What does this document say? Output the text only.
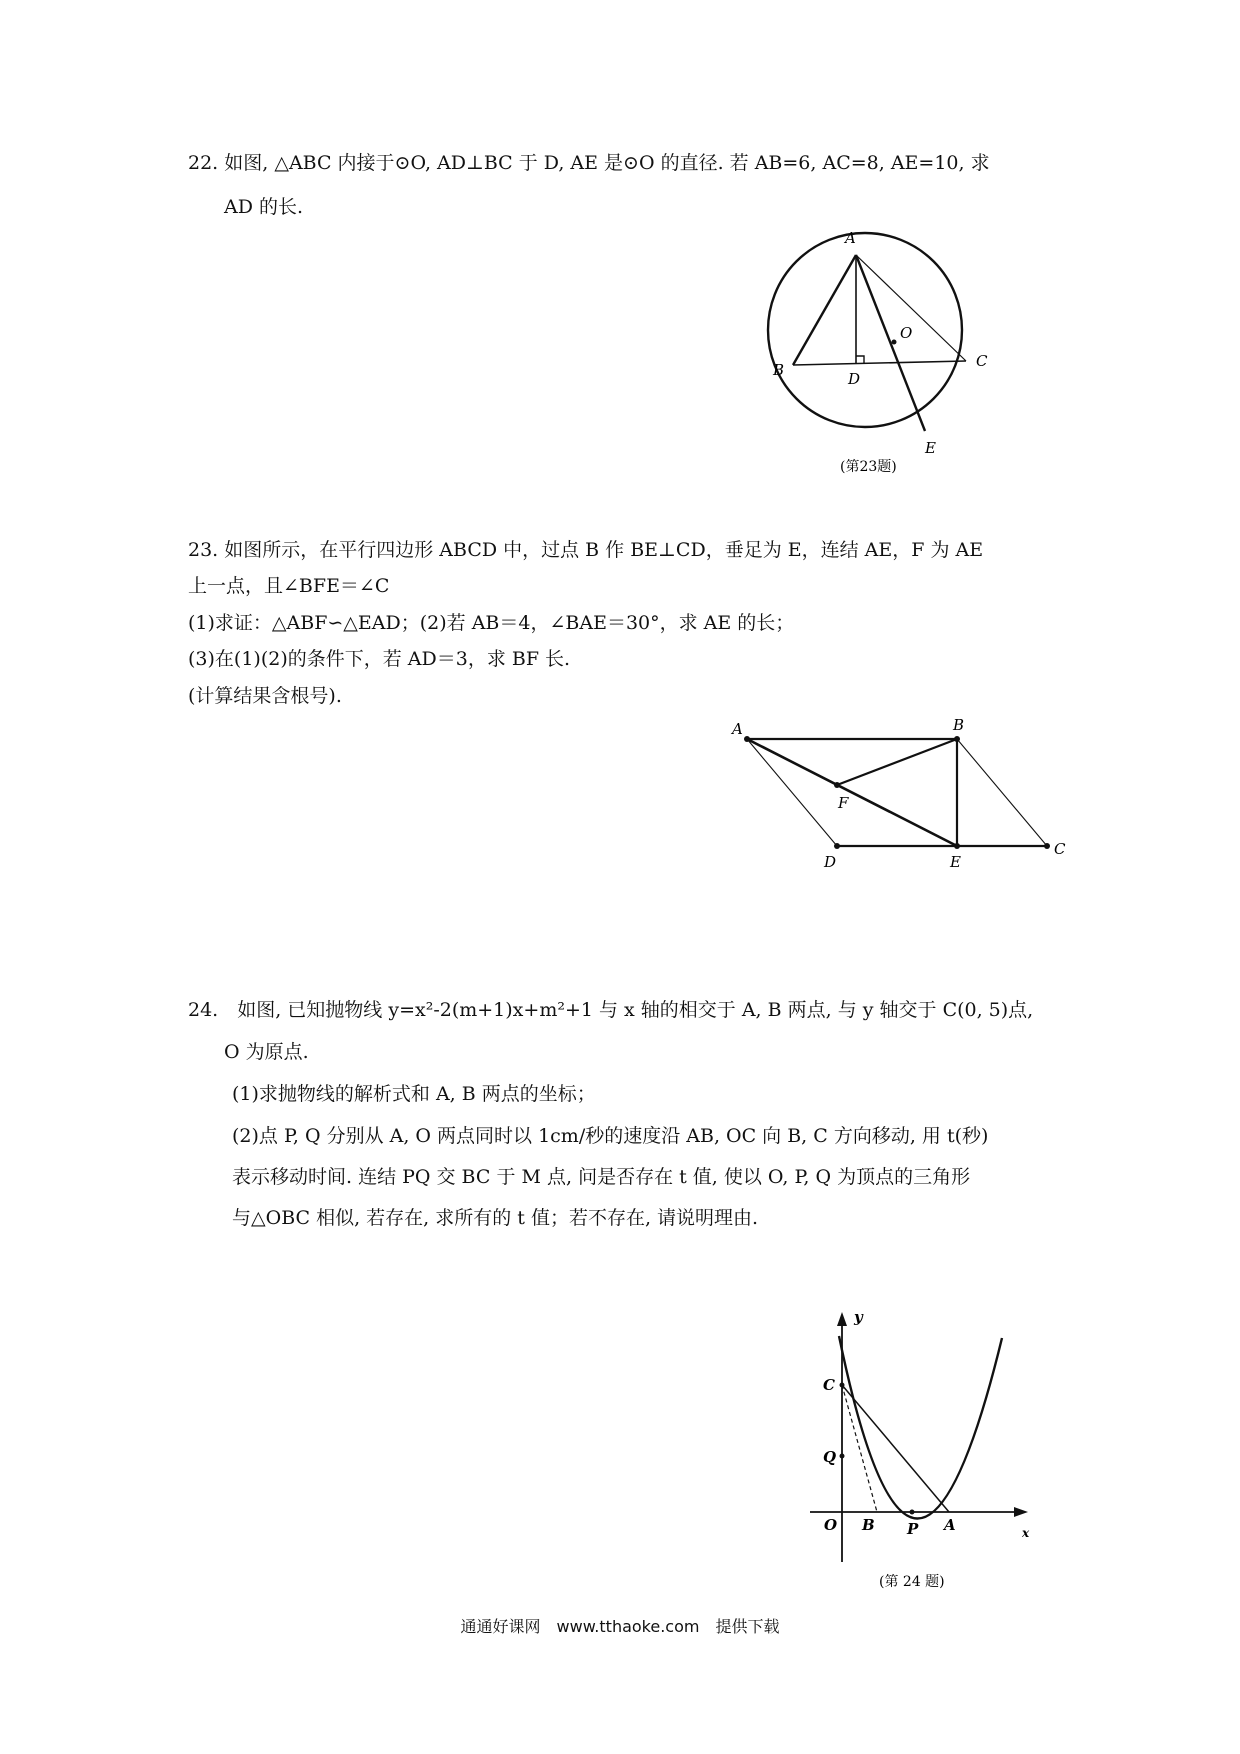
22. 如图, △ABC 内接于⊙O, AD⊥BC 于 D, AE 是⊙O 的直径. 若 AB=6, AC=8, AE=10, 求
AD 的长.
A
O
B	C
D
E
(第23题)
23. 如图所示，在平行四边形 ABCD 中，过点 B 作 BE⊥CD，垂足为 E，连结 AE，F 为 AE
上一点，且∠BFE＝∠C
(1)求证：△ABF∽△EAD；(2)若 AB＝4，∠BAE＝30°，求 AE 的长；
(3)在(1)(2)的条件下，若 AD＝3，求 BF 长.
(计算结果含根号).
A	B
F
D	E
C
24.　如图, 已知抛物线 y=x²-2(m+1)x+m²+1 与 x 轴的相交于 A, B 两点, 与 y 轴交于 C(0, 5)点,
O 为原点.
(1)求抛物线的解析式和 A, B 两点的坐标；
(2)点 P, Q 分别从 A, O 两点同时以 1cm/秒的速度沿 AB, OC 向 B, C 方向移动, 用 t(秒)
表示移动时间. 连结 PQ 交 BC 于 M 点, 问是否存在 t 值, 使以 O, P, Q 为顶点的三角形
与△OBC 相似, 若存在, 求所有的 t 值；若不存在, 请说明理由.
y
C
Q
O B P A	x
(第 24 题)
通通好课网　www.tthaoke.com　提供下载
